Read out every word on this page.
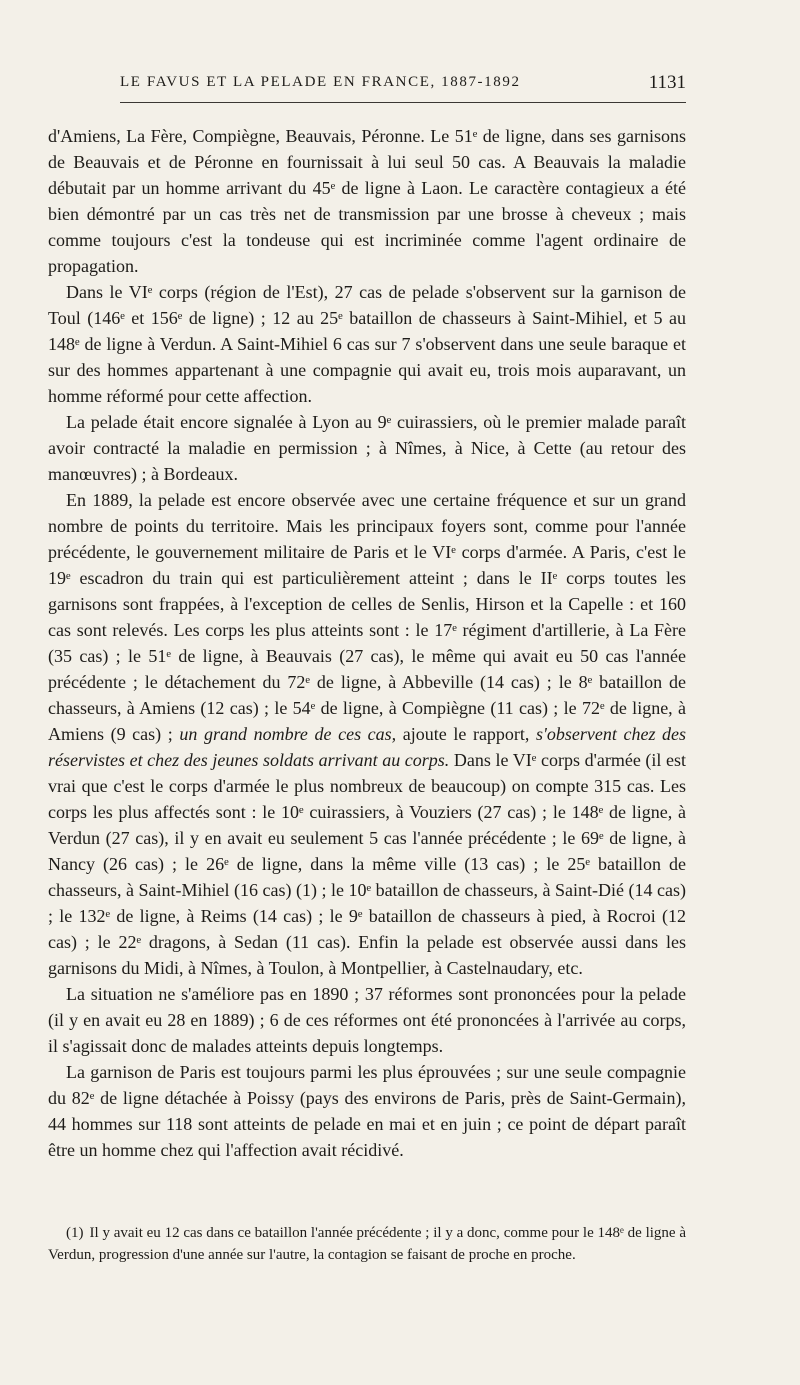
LE FAVUS ET LA PELADE EN FRANCE, 1887-1892	1131

d'Amiens, La Fère, Compiègne, Beauvais, Péronne. Le 51ᵉ de ligne, dans ses garnisons de Beauvais et de Péronne en fournissait à lui seul 50 cas. A Beauvais la maladie débutait par un homme arrivant du 45ᵉ de ligne à Laon. Le caractère contagieux a été bien démontré par un cas très net de transmission par une brosse à cheveux ; mais comme toujours c'est la tondeuse qui est incriminée comme l'agent ordinaire de propagation.

Dans le VIᵉ corps (région de l'Est), 27 cas de pelade s'observent sur la garnison de Toul (146ᵉ et 156ᵉ de ligne) ; 12 au 25ᵉ bataillon de chasseurs à Saint-Mihiel, et 5 au 148ᵉ de ligne à Verdun. A Saint-Mihiel 6 cas sur 7 s'observent dans une seule baraque et sur des hommes appartenant à une compagnie qui avait eu, trois mois auparavant, un homme réformé pour cette affection.

La pelade était encore signalée à Lyon au 9ᵉ cuirassiers, où le premier malade paraît avoir contracté la maladie en permission ; à Nîmes, à Nice, à Cette (au retour des manœuvres) ; à Bordeaux.

En 1889, la pelade est encore observée avec une certaine fréquence et sur un grand nombre de points du territoire. Mais les principaux foyers sont, comme pour l'année précédente, le gouvernement militaire de Paris et le VIᵉ corps d'armée. A Paris, c'est le 19ᵉ escadron du train qui est particulièrement atteint ; dans le IIᵉ corps toutes les garnisons sont frappées, à l'exception de celles de Senlis, Hirson et la Capelle : et 160 cas sont relevés. Les corps les plus atteints sont : le 17ᵉ régiment d'artillerie, à La Fère (35 cas) ; le 51ᵉ de ligne, à Beauvais (27 cas), le même qui avait eu 50 cas l'année précédente ; le détachement du 72ᵉ de ligne, à Abbeville (14 cas) ; le 8ᵉ bataillon de chasseurs, à Amiens (12 cas) ; le 54ᵉ de ligne, à Compiègne (11 cas) ; le 72ᵉ de ligne, à Amiens (9 cas) ; un grand nombre de ces cas, ajoute le rapport, s'observent chez des réservistes et chez des jeunes soldats arrivant au corps. Dans le VIᵉ corps d'armée (il est vrai que c'est le corps d'armée le plus nombreux de beaucoup) on compte 315 cas. Les corps les plus affectés sont : le 10ᵉ cuirassiers, à Vouziers (27 cas) ; le 148ᵉ de ligne, à Verdun (27 cas), il y en avait eu seulement 5 cas l'année précédente ; le 69ᵉ de ligne, à Nancy (26 cas) ; le 26ᵉ de ligne, dans la même ville (13 cas) ; le 25ᵉ bataillon de chasseurs, à Saint-Mihiel (16 cas) (1) ; le 10ᵉ bataillon de chasseurs, à Saint-Dié (14 cas) ; le 132ᵉ de ligne, à Reims (14 cas) ; le 9ᵉ bataillon de chasseurs à pied, à Rocroi (12 cas) ; le 22ᵉ dragons, à Sedan (11 cas). Enfin la pelade est observée aussi dans les garnisons du Midi, à Nîmes, à Toulon, à Montpellier, à Castelnaudary, etc.

La situation ne s'améliore pas en 1890 ; 37 réformes sont prononcées pour la pelade (il y en avait eu 28 en 1889) ; 6 de ces réformes ont été prononcées à l'arrivée au corps, il s'agissait donc de malades atteints depuis longtemps.

La garnison de Paris est toujours parmi les plus éprouvées ; sur une seule compagnie du 82ᵉ de ligne détachée à Poissy (pays des environs de Paris, près de Saint-Germain), 44 hommes sur 118 sont atteints de pelade en mai et en juin ; ce point de départ paraît être un homme chez qui l'affection avait récidivé.

(1) Il y avait eu 12 cas dans ce bataillon l'année précédente ; il y a donc, comme pour le 148ᵉ de ligne à Verdun, progression d'une année sur l'autre, la contagion se faisant de proche en proche.
